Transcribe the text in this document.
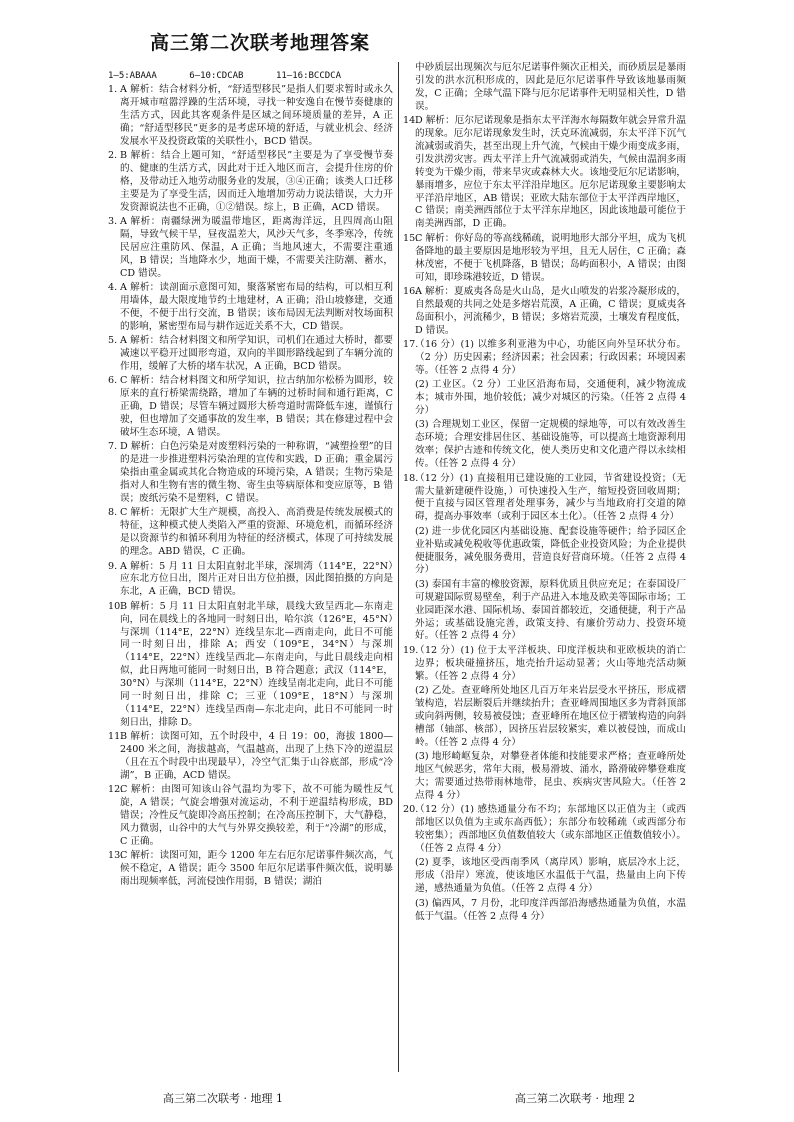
高三第二次联考地理答案
1—5:ABAAA      6—10:CDCAB      11—16:BCCDCA
1. A 解析：结合材料分析，“舒适型移民”是指人们要求暂时或永久离开城市喧嚣浮躁的生活环境，寻找一种安逸自在慢节奏健康的生活方式，因此其客观条件是区域之间环境质量的差异，A 正确；“舒适型移民”更多的是考虑环境的舒适，与就业机会、经济发展水平及投资政策的关联性小，BCD 错误。
2. B 解析：结合上题可知，“舒适型移民”主要是为了享受慢节奏的、健康的生活方式，因此对于迁入地区而言，会提升住房的价格，及带动迁入地劳动服务业的发展，③④正确；该类人口迁移主要是为了享受生活，因而迁入地增加劳动力说法错误，大力开发资源说法也不正确，①②错误。综上，B 正确，ACD 错误。
3. A 解析：南疆绿洲为暖温带地区，距离海洋远，且四周高山阻隔，导致气候干旱，昼夜温差大，风沙天气多，冬季寒冷，传统民居应注重防风、保温，A 正确；当地风速大，不需要注重通风，B 错误；当地降水少，地面干燥，不需要关注防潮、蓄水，CD 错误。
4. A 解析：读剖面示意图可知，聚落紧密布局的结构，可以相互利用墙体，最大限度地节约土地建材，A 正确；沿山坡修建，交通不便，不便于出行交流，B 错误；该布局因无法判断对牧场面积的影响，紧密型布局与耕作远近关系不大，CD 错误。
5. A 解析：结合材料图文和所学知识，司机们在通过大桥时，都要减速以平稳开过圆形弯道，双向的半圆形路线起到了车辆分流的作用，缓解了大桥的堵车状况，A 正确，BCD 错误。
6. C 解析：结合材料图文和所学知识，拉古纳加尔松桥为圆形，较原来的直行桥梁需绕路，增加了车辆的过桥时间和通行距离，C 正确，D 错误；尽管车辆过圆形大桥弯道时需降低车速，谨慎行驶，但也增加了交通事故的发生率，B 错误；其在修建过程中会破坏生态环境，A 错误。
7. D 解析：白色污染是对废塑料污染的一种称谓，“减塑捡塑”的目的是进一步推进塑料污染治理的宣传和实践，D 正确；重金属污染指由重金属或其化合物造成的环境污染，A 错误；生物污染是指对人和生物有害的微生物、寄生虫等病原体和变应原等，B 错误；废纸污染不是塑料，C 错误。
8. C 解析：无限扩大生产规模，高投入、高消费是传统发展模式的特征，这种模式使人类陷入严重的资源、环境危机，而循环经济是以资源节约和循环利用为特征的经济模式，体现了可持续发展的理念。ABD 错误，C 正确。
9. A 解析：5 月 11 日太阳直射北半球，深圳湾（114°E，22°N）应东北方位日出，图片正对日出方位拍摄，因此图拍摄的方向是东北，A 正确，BCD 错误。
10.
B 解析：5 月 11 日太阳直射北半球，晨线大致呈西北—东南走向，同在晨线上的各地同一时刻日出，哈尔滨（126°E，45°N）与深圳（114°E，22°N）连线呈东北—西南走向，此日不可能同一时刻日出，排除 A；西安（109°E，34°N）与深圳（114°E，22°N）连线呈西北—东南走向，与此日晨线走向相似，此日两地可能同一时刻日出，B 符合题意；武汉（114°E，30°N）与深圳（114°E，22°N）连线呈南北走向，此日不可能同一时刻日出，排除 C；三亚（109°E，18°N）与深圳（114°E，22°N）连线呈西南—东北走向，此日不可能同一时刻日出，排除 D。
11.
B 解析：读图可知，五个时段中，4 日 19：00，海拔 1800—2400 米之间，海拔越高，气温越高，出现了上热下冷的逆温层（且在五个时段中出现最早），冷空气汇集于山谷底部，形成“冷湖”，B 正确，ACD 错误。
12.
C 解析：由图可知该山谷气温均为零下，故不可能为暖性反气旋，A 错误；气旋会增强对流运动，不利于逆温结构形成，BD 错误；冷性反气旋即冷高压控制；在冷高压控制下，大气静稳，风力微弱，山谷中的大气与外界交换较差，利于“冷湖”的形成，C 正确。
13.
C 解析：读图可知，距今 1200 年左右厄尔尼诺事件频次高，气候不稳定，A 错误；距今 3500 年厄尔尼诺事件频次低，说明暴雨出现频率低，河流侵蚀作用弱，B 错误；湖泊
中砂质层出现频次与厄尔尼诺事件频次正相关，而砂质层是暴雨引发的洪水沉积形成的，因此是厄尔尼诺事件导致该地暴雨频发，C 正确；全球气温下降与厄尔尼诺事件无明显相关性，D 错误。
14.
D 解析：厄尔尼诺现象是指东太平洋海水每隔数年就会异常升温的现象。厄尔尼诺现象发生时，沃克环流减弱，东太平洋下沉气流减弱或消失，甚至出现上升气流，气候由干燥少雨变成多雨，引发洪涝灾害。西太平洋上升气流减弱或消失，气候由温润多雨转变为干燥少雨，带来旱灾或森林大火。该地受厄尔尼诺影响，暴雨增多，应位于东太平洋沿岸地区。厄尔尼诺现象主要影响太平洋沿岸地区，AB 错误；亚欧大陆东部位于太平洋西岸地区，C 错误；南美洲西部位于太平洋东岸地区，因此该地最可能位于南美洲西部，D 正确。
15.
C 解析：你好岛的等高线稀疏，说明地形大部分平坦，成为飞机备降地的最主要原因是地形较为平坦，且无人居住，C 正确；森林茂密，不便于飞机降落，B 错误；岛屿面积小，A 错误；由图可知，即珍珠港较近，D 错误。
16.
A 解析：夏威夷各岛是火山岛，是火山喷发的岩浆冷凝形成的，自然最观的共同之处是多熔岩荒漠，A 正确，C 错误；夏威夷各岛面积小，河流稀少，B 错误；多熔岩荒漠，土壤发育程度低，D 错误。
17.
（16 分）(1) 以维多利亚港为中心，功能区向外呈环状分布。（2 分）历史因素；经济因素；社会因素；行政因素；环境因素等。（任答 2 点得 4 分）
(2) 工业区。（2 分）工业区沿海布局，交通便利，减少物流成本；城市外围，地价较低；减少对城区的污染。（任答 2 点得 4 分）
(3) 合理规划工业区，保留一定规模的绿地等，可以有效改善生态环境；合理安排居住区、基础设施等，可以提高土地资源利用效率；保护古迹和传统文化，使人类历史和文化遗产得以永续相传。（任答 2 点得 4 分）
18.
（12 分）(1) 直接租用已建设施的工业园，节省建设投资；（无需大量新建硬件设施，）可快速投入生产，缩短投资回收周期；便于直接与园区管理者处理事务，减少与当地政府打交道的障碍，提高办事效率（或利于园区本土化）。（任答 2 点得 4 分）
(2) 进一步优化园区内基础设施、配套设施等硬件；给予园区企业补贴或减免税收等优惠政策，降低企业投资风险；为企业提供便捷服务，减免服务费用，营造良好营商环境。（任答 2 点得 4 分）
(3) 泰国有丰富的橡胶资源，原料优质且供应充足；在泰国设厂可规避国际贸易壁垒，利于产品进入本地及欧美等国际市场；工业园距深水港、国际机场、泰国首都较近，交通便捷，利于产品外运；或基础设施完善，政策支持、有廉价劳动力、投资环境好。（任答 2 点得 4 分）
19.
（12 分）(1) 位于太平洋板块、印度洋板块和亚欧板块的消亡边界；板块碰撞挤压，地壳抬升运动显著；火山等地壳活动频繁。（任答 2 点得 4 分）
(2) 乙处。查亚峰所处地区几百万年来岩层受水平挤压，形成褶皱构造，岩层断裂后并继续抬升；查亚峰周围地区多为背斜顶部或向斜两侧，较易被侵蚀；查亚峰所在地区位于褶皱构造的向斜槽部（轴部、核部），因挤压岩层较紧实，难以被侵蚀，而成山岭。（任答 2 点得 4 分）
(3) 地形崎岖复杂，对攀登者体能和技能要求严格；查亚峰所处地区气候恶劣，常年大雨，极易滑坡、涌水，路滑破碎攀登难度大；需要通过热带雨林地带，昆虫、疾病灾害风险大。（任答 2 点得 4 分）
20.
（12 分）(1) 感热通量分布不均；东部地区以正值为主（或西部地区以负值为主或东高西低）；东部分布较稀疏（或西部分布较密集）；西部地区负值数值较大（或东部地区正值数值较小）。（任答 2 点得 4 分）
(2) 夏季，该地区受西南季风（离岸风）影响，底层冷水上泛，形成（沿岸）寒流，使该地区水温低于气温，热量由上向下传递，感热通量为负值。（任答 2 点得 4 分）
(3) 偏西风，7 月份，北印度洋西部沿海感热通量为负值，水温低于气温。（任答 2 点得 4 分）
高三第二次联考 · 地理 1	高三第二次联考 · 地理 2
